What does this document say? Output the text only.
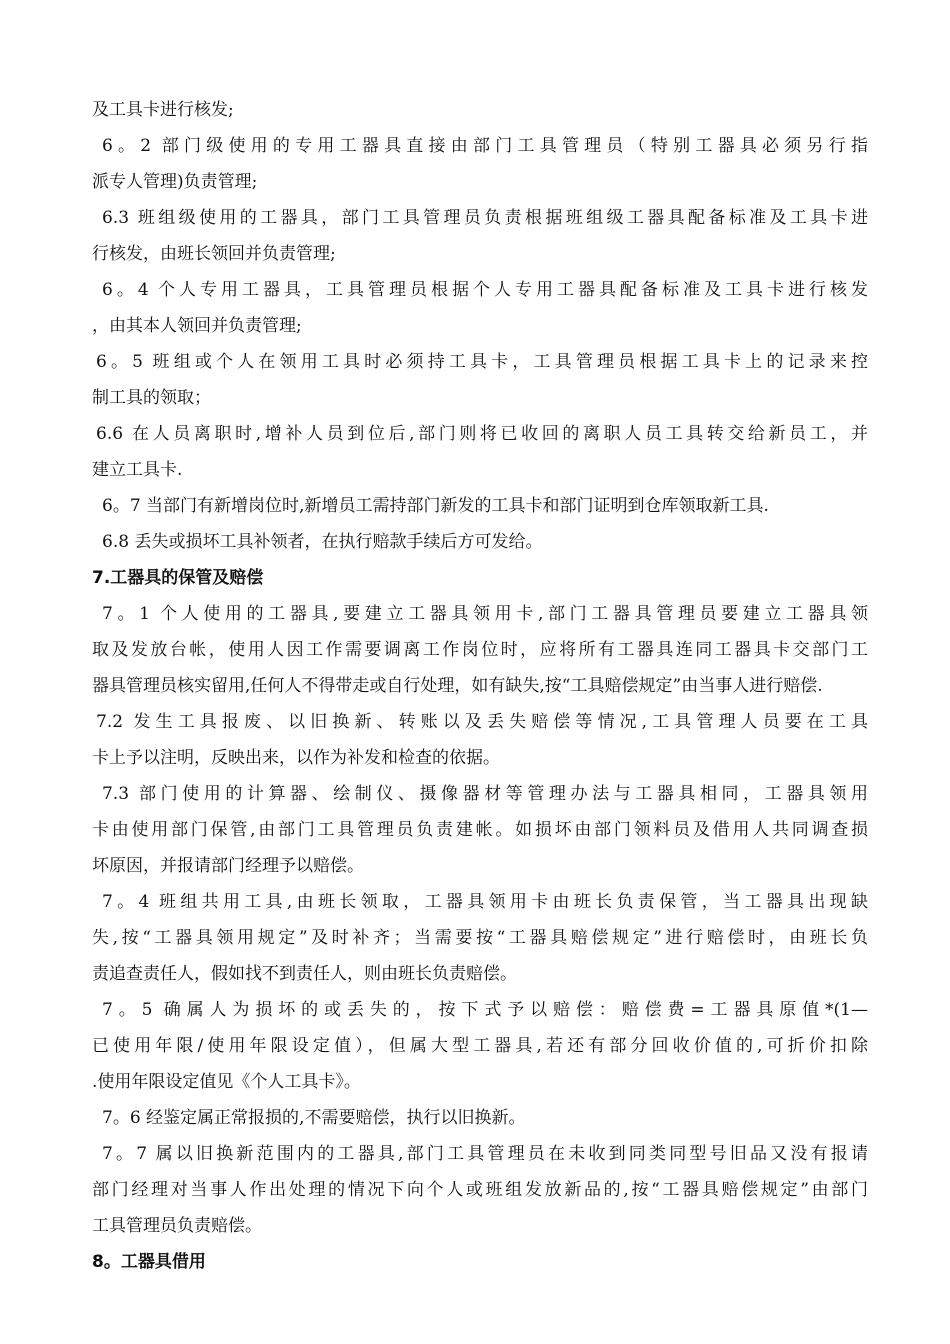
及工具卡进行核发;
6。2 部门级使用的专用工器具直接由部门工具管理员（特别工器具必须另行指
派专人管理)负责管理;
6.3 班组级使用的工器具，部门工具管理员负责根据班组级工器具配备标准及工具卡进
行核发，由班长领回并负责管理;
6。4 个人专用工器具，工具管理员根据个人专用工器具配备标准及工具卡进行核发
，由其本人领回并负责管理;
6。5 班组或个人在领用工具时必须持工具卡，工具管理员根据工具卡上的记录来控
制工具的领取；
6.6 在人员离职时,增补人员到位后,部门则将已收回的离职人员工具转交给新员工，并
建立工具卡.
6。7 当部门有新增岗位时,新增员工需持部门新发的工具卡和部门证明到仓库领取新工具.
6.8 丢失或损坏工具补领者，在执行赔款手续后方可发给。
7.工器具的保管及赔偿
7。1 个人使用的工器具,要建立工器具领用卡,部门工器具管理员要建立工器具领
取及发放台帐，使用人因工作需要调离工作岗位时，应将所有工器具连同工器具卡交部门工
器具管理员核实留用,任何人不得带走或自行处理，如有缺失,按“工具赔偿规定”由当事人进行赔偿.
7.2 发生工具报废、以旧换新、转账以及丢失赔偿等情况,工具管理人员要在工具
卡上予以注明，反映出来，以作为补发和检查的依据。
7.3 部门使用的计算器、绘制仪、摄像器材等管理办法与工器具相同，工器具领用
卡由使用部门保管,由部门工具管理员负责建帐。如损坏由部门领料员及借用人共同调查损
坏原因，并报请部门经理予以赔偿。
7。4 班组共用工具,由班长领取，工器具领用卡由班长负责保管，当工器具出现缺
失,按“工器具领用规定”及时补齐；当需要按“工器具赔偿规定”进行赔偿时，由班长负
责追查责任人，假如找不到责任人，则由班长负责赔偿。
7。5 确属人为损坏的或丢失的，按下式予以赔偿：赔偿费=工器具原值*(1—
已使用年限/使用年限设定值），但属大型工器具,若还有部分回收价值的,可折价扣除
.使用年限设定值见《个人工具卡》。
7。6 经鉴定属正常报损的,不需要赔偿，执行以旧换新。
7。7 属以旧换新范围内的工器具,部门工具管理员在未收到同类同型号旧品又没有报请
部门经理对当事人作出处理的情况下向个人或班组发放新品的,按“工器具赔偿规定”由部门
工具管理员负责赔偿。
8。工器具借用
